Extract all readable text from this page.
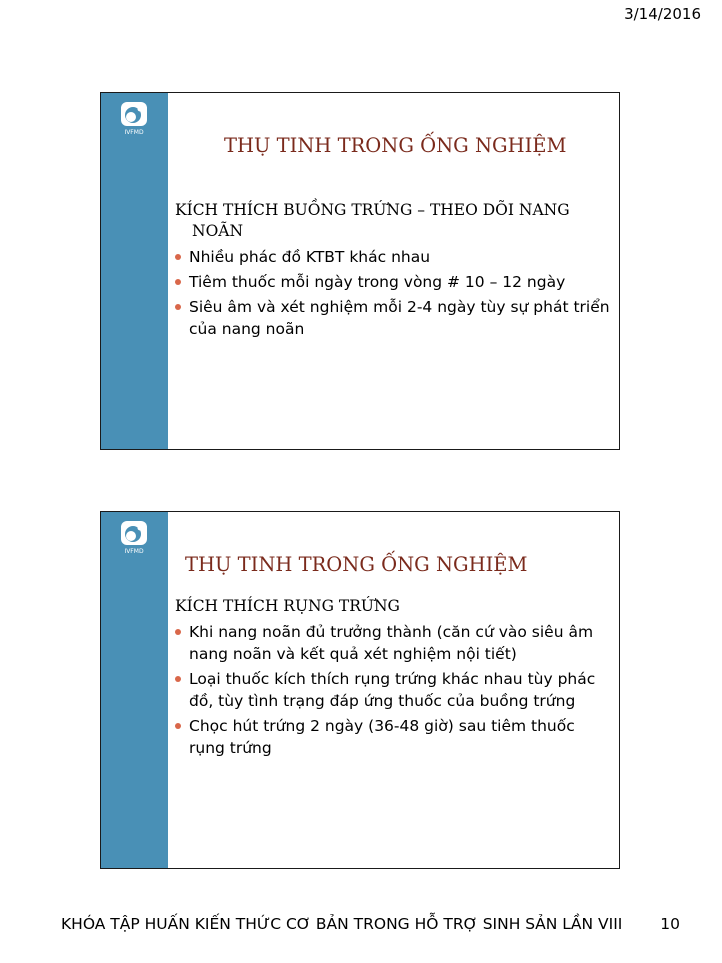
3/14/2016
IVFMD
THỤ TINH TRONG ỐNG NGHIỆM
KÍCH THÍCH BUỒNG TRỨNG – THEO DÕI NANG
NOÃN
Nhiều phác đồ KTBT khác nhau
Tiêm thuốc mỗi ngày trong vòng # 10 – 12 ngày
Siêu âm và xét nghiệm mỗi 2-4 ngày tùy sự phát triển của nang noãn
IVFMD
THỤ TINH TRONG ỐNG NGHIỆM
KÍCH THÍCH RỤNG TRỨNG
Khi nang noãn đủ trưởng thành (căn cứ vào siêu âm nang noãn và kết quả xét nghiệm nội tiết)
Loại thuốc kích thích rụng trứng khác nhau tùy phác đồ, tùy tình trạng đáp ứng thuốc của buồng trứng
Chọc hút trứng 2 ngày (36-48 giờ) sau tiêm thuốc rụng trứng
KHÓA TẬP HUẤN KIẾN THỨC CƠ BẢN TRONG HỖ TRỢ SINH SẢN LẦN VIII 10
